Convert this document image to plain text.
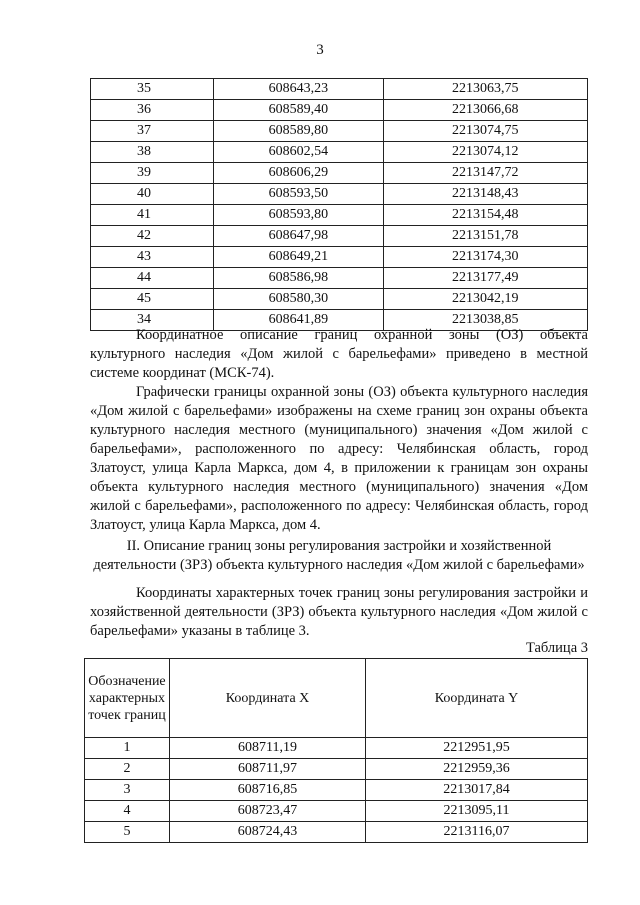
3
35	608643,23	2213063,75
36	608589,40	2213066,68
37	608589,80	2213074,75
38	608602,54	2213074,12
39	608606,29	2213147,72
40	608593,50	2213148,43
41	608593,80	2213154,48
42	608647,98	2213151,78
43	608649,21	2213174,30
44	608586,98	2213177,49
45	608580,30	2213042,19
34	608641,89	2213038,85
Координатное описание границ охранной зоны (ОЗ) объекта культурного наследия «Дом жилой с барельефами» приведено в местной системе координат (МСК-74).
Графически границы охранной зоны (ОЗ) объекта культурного наследия «Дом жилой с барельефами» изображены на схеме границ зон охраны объекта культурного наследия местного (муниципального) значения «Дом жилой с барельефами», расположенного по адресу: Челябинская область, город Златоуст, улица Карла Маркса, дом 4, в приложении к границам зон охраны объекта культурного наследия местного (муниципального) значения «Дом жилой с барельефами», расположенного по адресу: Челябинская область, город Златоуст, улица Карла Маркса, дом 4.
II. Описание границ зоны регулирования застройки и хозяйственной
деятельности (ЗРЗ) объекта культурного наследия «Дом жилой с барельефами»
Координаты характерных точек границ зоны регулирования застройки и хозяйственной деятельности (ЗРЗ) объекта культурного наследия «Дом жилой с барельефами» указаны в таблице 3.
Таблица 3
Обозначение характерных точек границ	Координата X	Координата Y
1	608711,19	2212951,95
2	608711,97	2212959,36
3	608716,85	2213017,84
4	608723,47	2213095,11
5	608724,43	2213116,07
